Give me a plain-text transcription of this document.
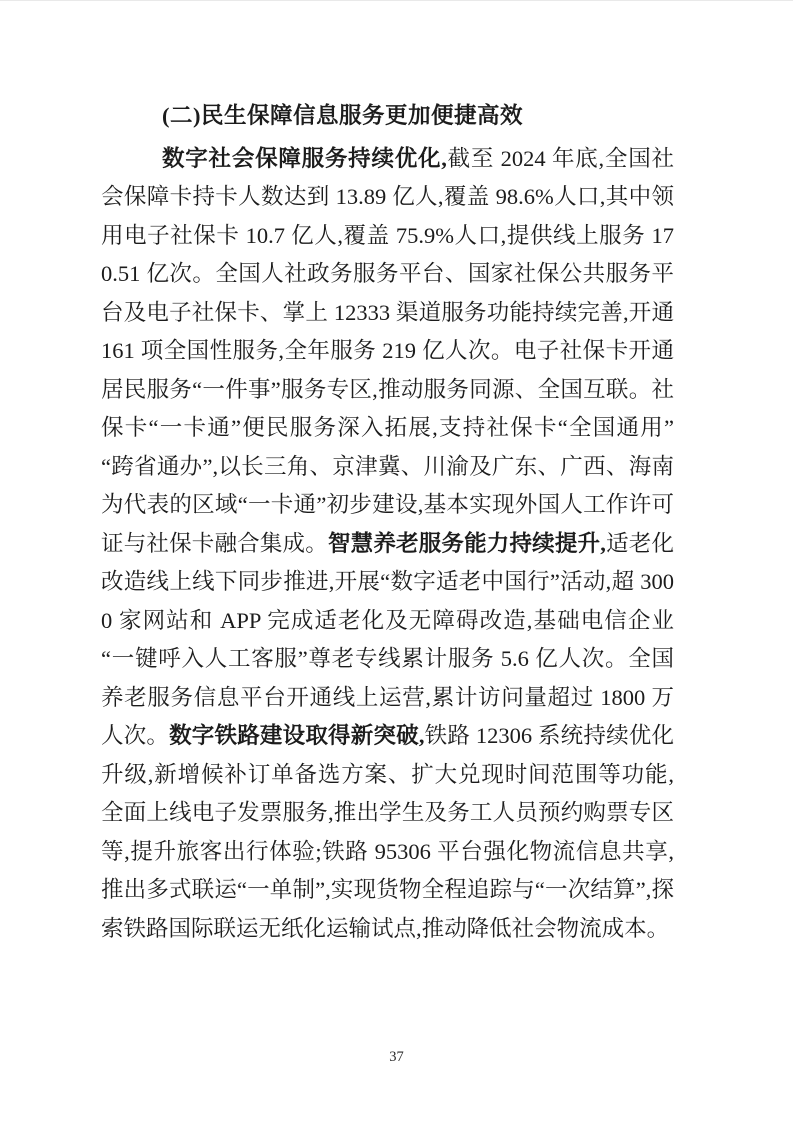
(二)民生保障信息服务更加便捷高效

数字社会保障服务持续优化,截至 2024 年底,全国社会保障卡持卡人数达到 13.89 亿人,覆盖 98.6%人口,其中领用电子社保卡 10.7 亿人,覆盖 75.9%人口,提供线上服务 170.51 亿次。全国人社政务服务平台、国家社保公共服务平台及电子社保卡、掌上 12333 渠道服务功能持续完善,开通 161 项全国性服务,全年服务 219 亿人次。电子社保卡开通居民服务“一件事”服务专区,推动服务同源、全国互联。社保卡“一卡通”便民服务深入拓展,支持社保卡“全国通用”“跨省通办”,以长三角、京津冀、川渝及广东、广西、海南为代表的区域“一卡通”初步建设,基本实现外国人工作许可证与社保卡融合集成。智慧养老服务能力持续提升,适老化改造线上线下同步推进,开展“数字适老中国行”活动,超 3000 家网站和 APP 完成适老化及无障碍改造,基础电信企业“一键呼入人工客服”尊老专线累计服务 5.6 亿人次。全国养老服务信息平台开通线上运营,累计访问量超过 1800 万人次。数字铁路建设取得新突破,铁路 12306 系统持续优化升级,新增候补订单备选方案、扩大兑现时间范围等功能,全面上线电子发票服务,推出学生及务工人员预约购票专区等,提升旅客出行体验;铁路 95306 平台强化物流信息共享,推出多式联运“一单制”,实现货物全程追踪与“一次结算”,探索铁路国际联运无纸化运输试点,推动降低社会物流成本。

37
